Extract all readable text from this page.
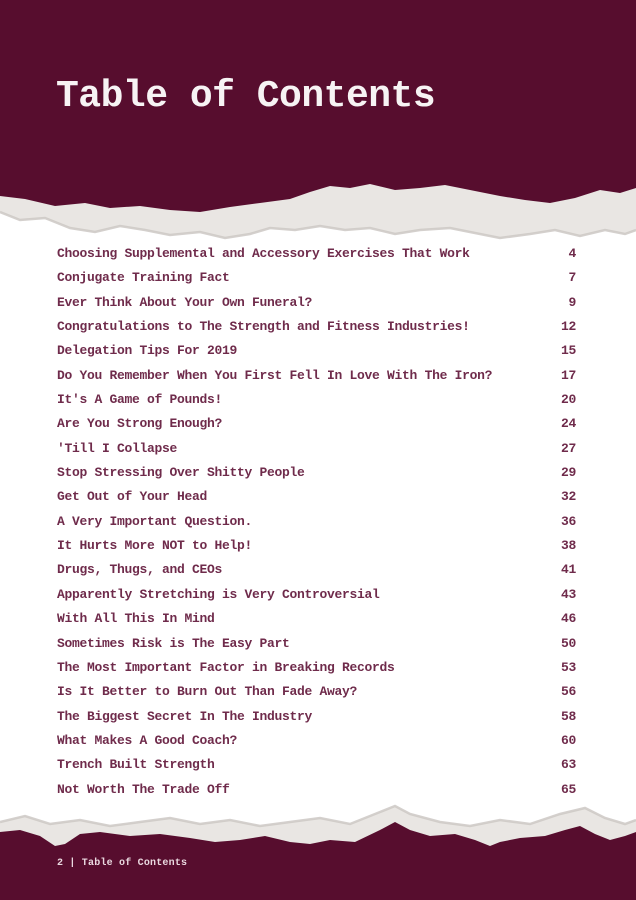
Table of Contents
Choosing Supplemental and Accessory Exercises That Work	4
Conjugate Training Fact	7
Ever Think About Your Own Funeral?	9
Congratulations to The Strength and Fitness Industries!	12
Delegation Tips For 2019	15
Do You Remember When You First Fell In Love With The Iron?	17
It's A Game of Pounds!	20
Are You Strong Enough?	24
'Till I Collapse	27
Stop Stressing Over Shitty People	29
Get Out of Your Head	32
A Very Important Question.	36
It Hurts More NOT to Help!	38
Drugs, Thugs, and CEOs	41
Apparently Stretching is Very Controversial	43
With All This In Mind	46
Sometimes Risk is The Easy Part	50
The Most Important Factor in Breaking Records	53
Is It Better to Burn Out Than Fade Away?	56
The Biggest Secret In The Industry	58
What Makes A Good Coach?	60
Trench Built Strength	63
Not Worth The Trade Off	65
2 | Table of Contents
